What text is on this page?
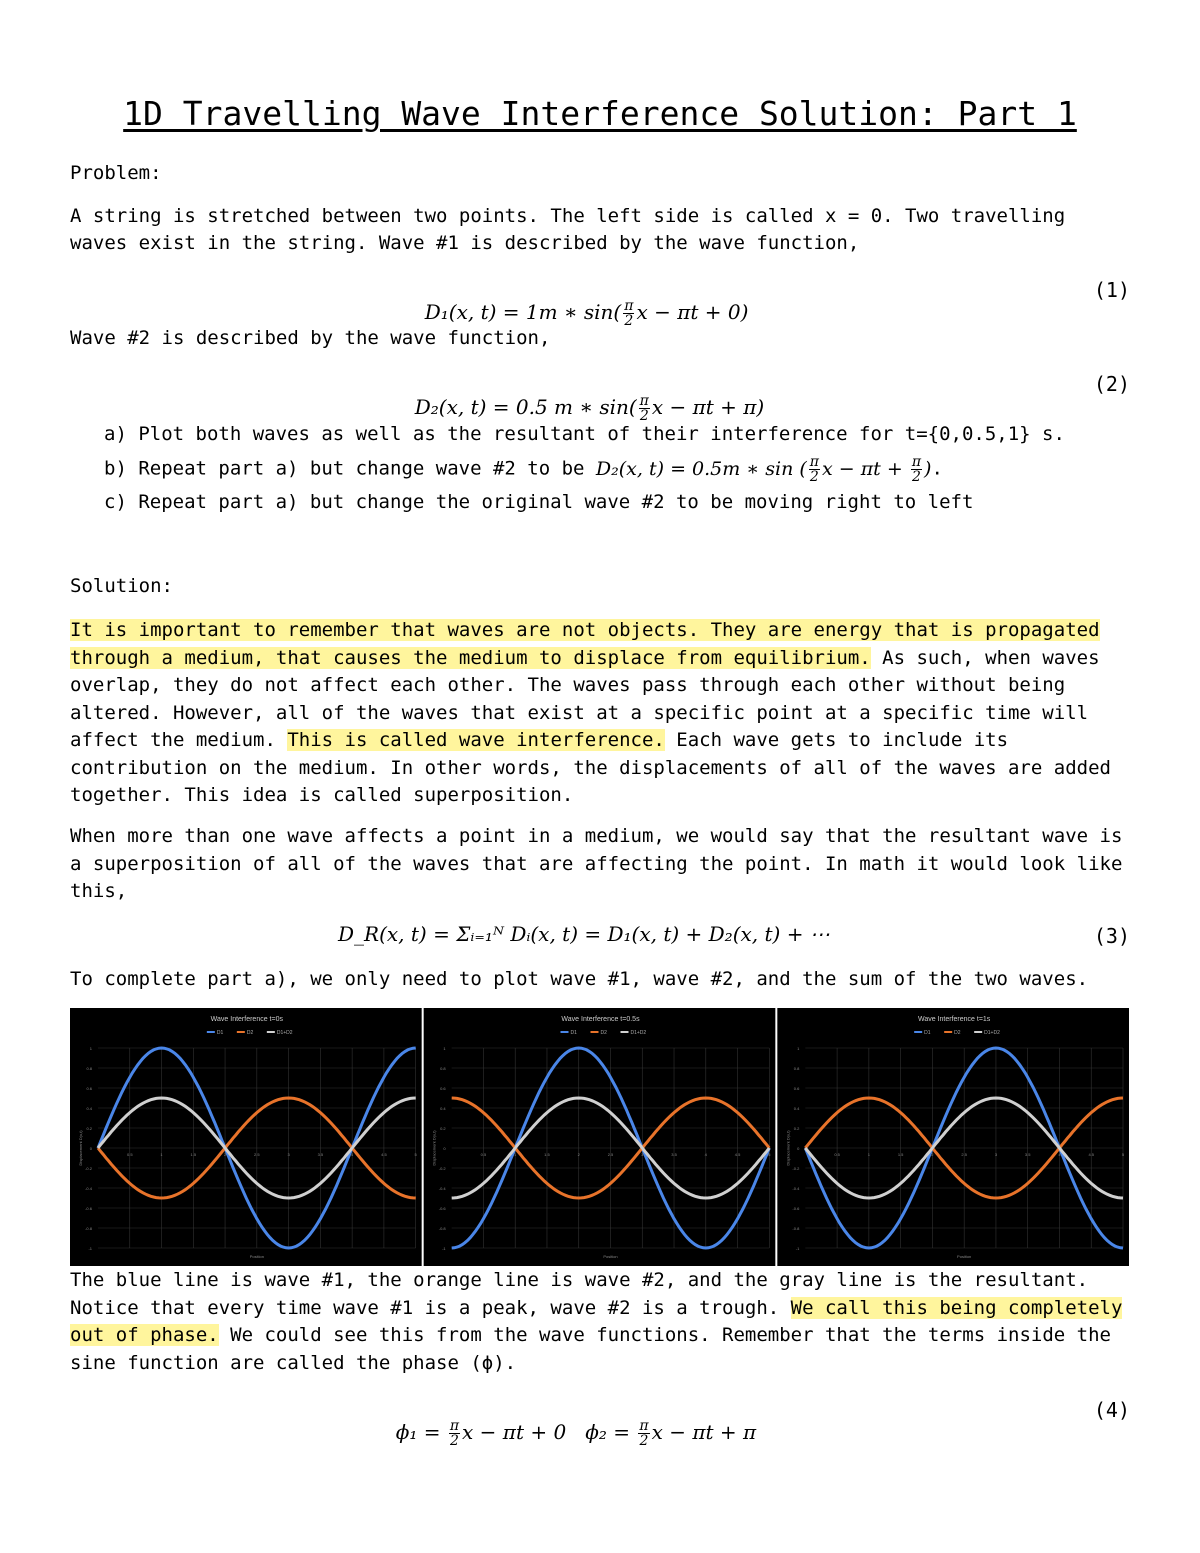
1D Travelling Wave Interference Solution: Part 1
Problem:
A string is stretched between two points. The left side is called x = 0. Two travelling
waves exist in the string. Wave #1 is described by the wave function,

D₁(x, t) = 1m ∗ $\sin( \frac{\pi}{2}$ x − πt + 0)

(1)
Wave #2 is described by the wave function,

D₂(x, t) = 0.5 m ∗ $\sin( \frac{\pi}{2}$ x − πt + π)

(2)
a) Plot both waves as well as the resultant of their interference for t={0,0.5,1} s.
b) Repeat part a) but change wave #2 to be D₂(x, t) = 0.5m ∗ sin ( $\frac{\pi}{2}$ $x - \pi t + \frac{\pi}{2}$ ).
c) Repeat part a) but change the original wave #2 to be moving right to left
Solution:
It is important to remember that waves are not objects. They are energy that is propagated through a medium, that causes the medium to displace from equilibrium. As such, when waves overlap, they do not affect each other. The waves pass through each other without being altered. However, all of the waves that exist at a specific point at a specific time will affect the medium. This is called wave interference. Each wave gets to include its contribution on the medium. In other words, the displacements of all of the waves are added together. This idea is called superposition.
When more than one wave affects a point in a medium, we would say that the resultant wave is a superposition of all of the waves that are affecting the point. In math it would look like this,
D_R(x, t) = Σᵢ₌₁ᴺ Dᵢ(x, t) = D₁(x, t) + D₂(x, t) + ⋯	(3)
To complete part a), we only need to plot wave #1, wave #2, and the sum of the two waves.
Wave Interference t=0s
D1	D2	D1+D2
1
0.8
0.6
0.4
0.2
0
-0.2
-0.4
-0.6
-0.8
-1
0.5	1	1.5	2	2.5	3	3.5	4	4.5	5
Position
Displacement D(x,t)
Wave Interference t=0.5s
D1	D2	D1+D2
1
0.8
0.6
0.4
0.2
0
-0.2
-0.4
-0.6
-0.8
-1
0.5	1	1.5	2	2.5	3	3.5	4	4.5	5
Position
Displacement D(x,t)
Wave Interference t=1s
D1	D2	D1+D2
1
0.8
0.6
0.4
0.2
0
-0.2
-0.4
-0.6
-0.8
-1
0.5	1	1.5	2	2.5	3	3.5	4	4.5	5
Position
Displacement D(x,t)
The blue line is wave #1, the orange line is wave #2, and the gray line is the resultant. Notice that every time wave #1 is a peak, wave #2 is a trough. We call this being completely out of phase. We could see this from the wave functions. Remember that the terms inside the sine function are called the phase (ϕ).

$\phi_1 = \frac{\pi}{2}$ x − πt + 0 $\phi_2 = \frac{\pi}{2}$ x − πt + π

(4)
